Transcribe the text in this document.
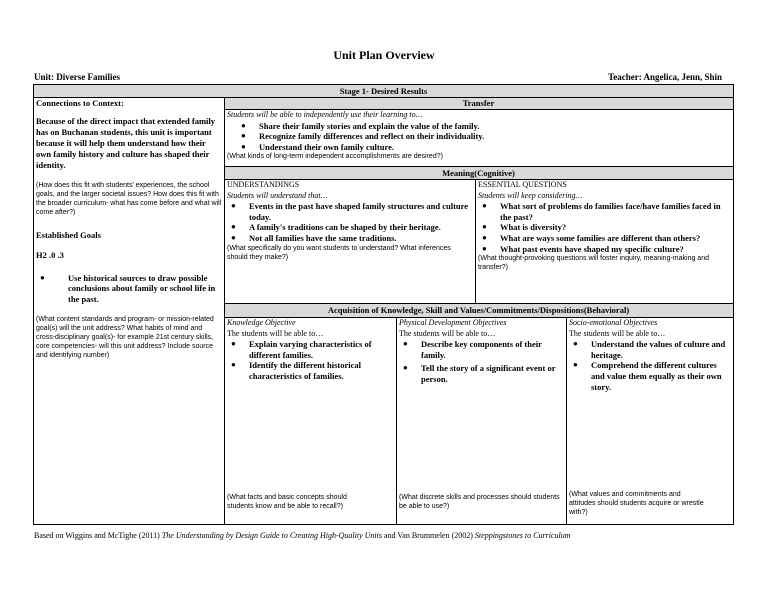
Unit Plan Overview
Unit: Diverse Families	Teacher: Angelica, Jenn, Shin
Stage 1- Desired Results
Transfer
Meaning(Cognitive)
Acquisition of Knowledge, Skill and Values/Commitments/Dispositions(Behavioral)
Connections to Context:
Because of the direct impact that extended family has on Buchanan students, this unit is important because it will help them understand how their own family history and culture has shaped their identity.
(How does this fit with students' experiences, the school goals, and the larger societal issues? How does this fit with the broader curriculum- what has come before and what will come after?)
Established Goals
H2 .0 .3
● Use historical sources to draw possible conclusions about family or school life in the past.
(What content standards and program- or mission-related goal(s) will the unit address? What habits of mind and cross-disciplinary goal(s)- for example 21st century skills, core competencies- will this unit address? Include source and identifying number)
Students will be able to independently use their learning to…
● Share their family stories and explain the value of the family.
● Recognize family differences and reflect on their individuality.
● Understand their own family culture.
(What kinds of long-term independent accomplishments are desired?)
UNDERSTANDINGS
Students will understand that…
● Events in the past have shaped family structures and culture today.
● A family's traditions can be shaped by their heritage.
● Not all families have the same traditions.
(What specifically do you want students to understand? What inferences should they make?)
ESSENTIAL QUESTIONS
Students will keep considering…
● What sort of problems do families face/have families faced in the past?
● What is diversity?
● What are ways some families are different than others?
● What past events have shaped my specific culture?
(What thought-provoking questions will foster inquiry, meaning-making and transfer?)
Knowledge Objective
The students will be able to…
● Explain varying characteristics of different families.
● Identify the different historical characteristics of families.
(What facts and basic concepts should students know and be able to recall?)
Physical Development Objectives
The students will be able to…
● Describe key components of their family.
● Tell the story of a significant event or person.
(What discrete skills and processes should students be able to use?)
Socio-emotional Objectives
The students will be able to…
● Understand the values of culture and heritage.
● Comprehend the different cultures and value them equally as their own story.
(What values and commitments and attitudes should students acquire or wrestle with?)
Based on Wiggins and McTighe (2011) The Understanding by Design Guide to Creating High-Quality Units and Van Brummelen (2002) Steppingstones to Curriculum
